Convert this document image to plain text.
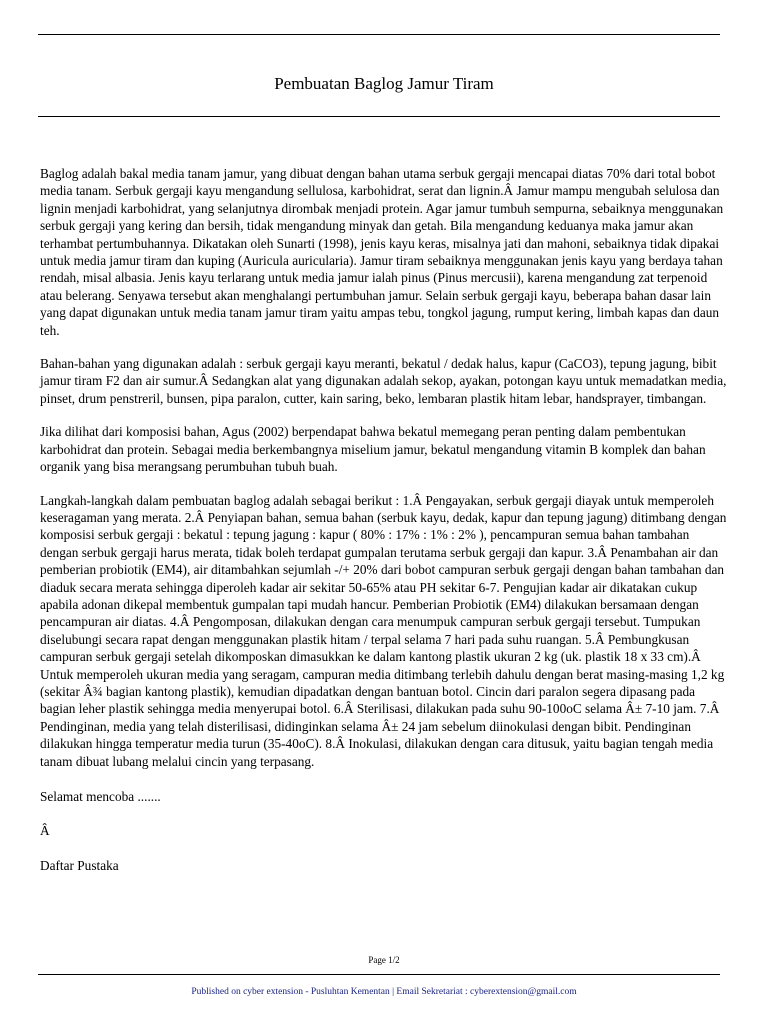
Pembuatan Baglog Jamur Tiram

Baglog adalah bakal media tanam jamur, yang dibuat dengan bahan utama serbuk gergaji mencapai diatas 70% dari total bobot media tanam. Serbuk gergaji kayu mengandung sellulosa, karbohidrat, serat dan lignin.Â Jamur mampu mengubah selulosa dan lignin menjadi karbohidrat, yang selanjutnya dirombak menjadi protein. Agar jamur tumbuh sempurna, sebaiknya menggunakan serbuk gergaji yang kering dan bersih, tidak mengandung minyak dan getah. Bila mengandung keduanya maka jamur akan terhambat pertumbuhannya. Dikatakan oleh Sunarti (1998), jenis kayu keras, misalnya jati dan mahoni, sebaiknya tidak dipakai untuk media jamur tiram dan kuping (Auricula auricularia). Jamur tiram sebaiknya menggunakan jenis kayu yang berdaya tahan rendah, misal albasia. Jenis kayu terlarang untuk media jamur ialah pinus (Pinus mercusii), karena mengandung zat terpenoid atau belerang. Senyawa tersebut akan menghalangi pertumbuhan jamur. Selain serbuk gergaji kayu, beberapa bahan dasar lain yang dapat digunakan untuk media tanam jamur tiram yaitu ampas tebu, tongkol jagung, rumput kering, limbah kapas dan daun teh.

Bahan-bahan yang digunakan adalah : serbuk gergaji kayu meranti, bekatul / dedak halus, kapur (CaCO3), tepung jagung, bibit jamur tiram F2 dan air sumur.Â Sedangkan alat yang digunakan adalah sekop, ayakan, potongan kayu untuk memadatkan media, pinset, drum penstreril, bunsen, pipa paralon, cutter, kain saring, beko, lembaran plastik hitam lebar, handsprayer, timbangan.

Jika dilihat dari komposisi bahan, Agus (2002) berpendapat bahwa bekatul memegang peran penting dalam pembentukan karbohidrat dan protein. Sebagai media berkembangnya miselium jamur, bekatul mengandung vitamin B komplek dan bahan organik yang bisa merangsang perumbuhan tubuh buah.

Langkah-langkah dalam pembuatan baglog adalah sebagai berikut : 1.Â Pengayakan, serbuk gergaji diayak untuk memperoleh keseragaman yang merata. 2.Â Penyiapan bahan, semua bahan (serbuk kayu, dedak, kapur dan tepung jagung) ditimbang dengan komposisi serbuk gergaji : bekatul : tepung jagung : kapur ( 80% : 17% : 1% : 2% ), pencampuran semua bahan tambahan dengan serbuk gergaji harus merata, tidak boleh terdapat gumpalan terutama serbuk gergaji dan kapur. 3.Â Penambahan air dan pemberian probiotik (EM4), air ditambahkan sejumlah -/+ 20% dari bobot campuran serbuk gergaji dengan bahan tambahan dan diaduk secara merata sehingga diperoleh kadar air sekitar 50-65% atau PH sekitar 6-7. Pengujian kadar air dikatakan cukup apabila adonan dikepal membentuk gumpalan tapi mudah hancur. Pemberian Probiotik (EM4) dilakukan bersamaan dengan pencampuran air diatas. 4.Â Pengomposan, dilakukan dengan cara menumpuk campuran serbuk gergaji tersebut. Tumpukan diselubungi secara rapat dengan menggunakan plastik hitam / terpal selama 7 hari pada suhu ruangan. 5.Â Pembungkusan campuran serbuk gergaji setelah dikomposkan dimasukkan ke dalam kantong plastik ukuran 2 kg (uk. plastik 18 x 33 cm).Â Untuk memperoleh ukuran media yang seragam, campuran media ditimbang terlebih dahulu dengan berat masing-masing 1,2 kg (sekitar Â¾ bagian kantong plastik), kemudian dipadatkan dengan bantuan botol. Cincin dari paralon segera dipasang pada bagian leher plastik sehingga media menyerupai botol. 6.Â Sterilisasi, dilakukan pada suhu 90-100oC selama Â± 7-10 jam. 7.Â Pendinginan, media yang telah disterilisasi, didinginkan selama Â± 24 jam sebelum diinokulasi dengan bibit. Pendinginan dilakukan hingga temperatur media turun (35-40oC). 8.Â Inokulasi, dilakukan dengan cara ditusuk, yaitu bagian tengah media tanam dibuat lubang melalui cincin yang terpasang.

Selamat mencoba .......

Â

Daftar Pustaka

Page 1/2
Published on cyber extension - Pusluhtan Kementan | Email Sekretariat : cyberextension@gmail.com
